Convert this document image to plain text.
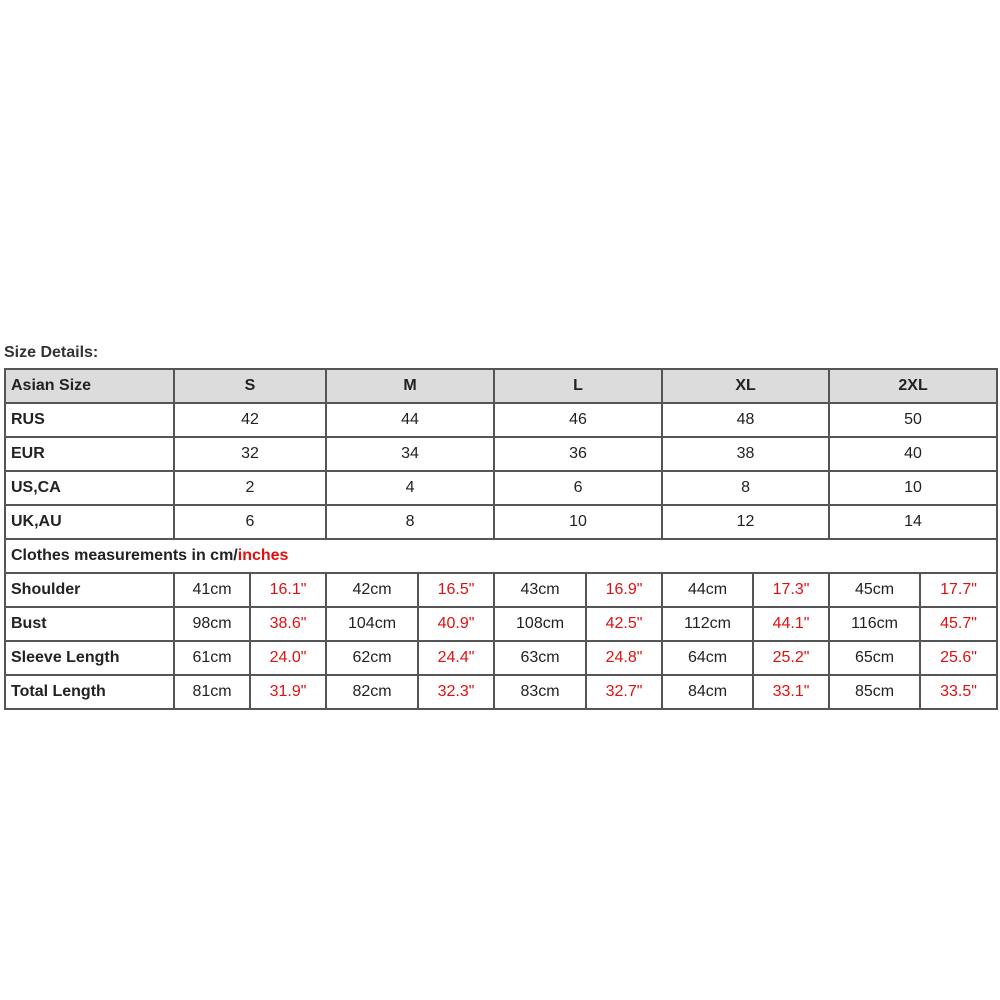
Size Details:
Asian Size	S		M		L		XL		2XL	
RUS	42		44		46		48		50	
EUR	32		34		36		38		40	
US,CA	2		4		6		8		10	
UK,AU	6		8		10		12		14	
Clothes measurements in cm/inches										
Shoulder	41cm	16.1"	42cm	16.5"	43cm	16.9"	44cm	17.3"	45cm	17.7"
Bust	98cm	38.6"	104cm	40.9"	108cm	42.5"	112cm	44.1"	116cm	45.7"
Sleeve Length	61cm	24.0"	62cm	24.4"	63cm	24.8"	64cm	25.2"	65cm	25.6"
Total Length	81cm	31.9"	82cm	32.3"	83cm	32.7"	84cm	33.1"	85cm	33.5"
